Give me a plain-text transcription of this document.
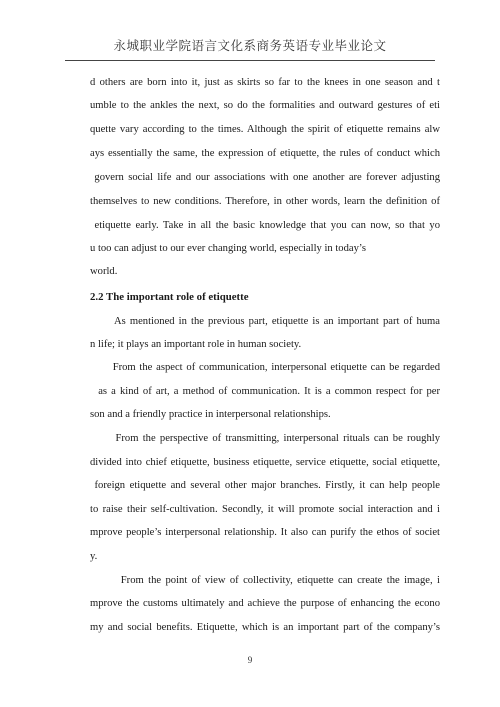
永城职业学院语言文化系商务英语专业毕业论文
d others are born into it, just as skirts so far to the knees in one season and t
umble to the ankles the next, so do the formalities and outward gestures of eti
quette vary according to the times. Although the spirit of etiquette remains alw
ays essentially the same, the expression of etiquette, the rules of conduct which
govern social life and our associations with one another are forever adjusting
themselves to new conditions. Therefore, in other words, learn the definition of
etiquette early. Take in all the basic knowledge that you can now, so that yo
u too can adjust to our ever changing world, especially in today’s
world.
2.2 The important role of etiquette
As mentioned in the previous part, etiquette is an important part of huma
n life; it plays an important role in human society.
From the aspect of communication, interpersonal etiquette can be regarded
as a kind of art, a method of communication. It is a common respect for per
son and a friendly practice in interpersonal relationships.
From the perspective of transmitting, interpersonal rituals can be roughly
divided into chief etiquette, business etiquette, service etiquette, social etiquette,
foreign etiquette and several other major branches. Firstly, it can help people
to raise their self-cultivation. Secondly, it will promote social interaction and i
mprove people’s interpersonal relationship. It also can purify the ethos of societ
y.
From the point of view of collectivity, etiquette can create the image, i
mprove the customs ultimately and achieve the purpose of enhancing the econo
my and social benefits. Etiquette, which is an important part of the company’s
9
